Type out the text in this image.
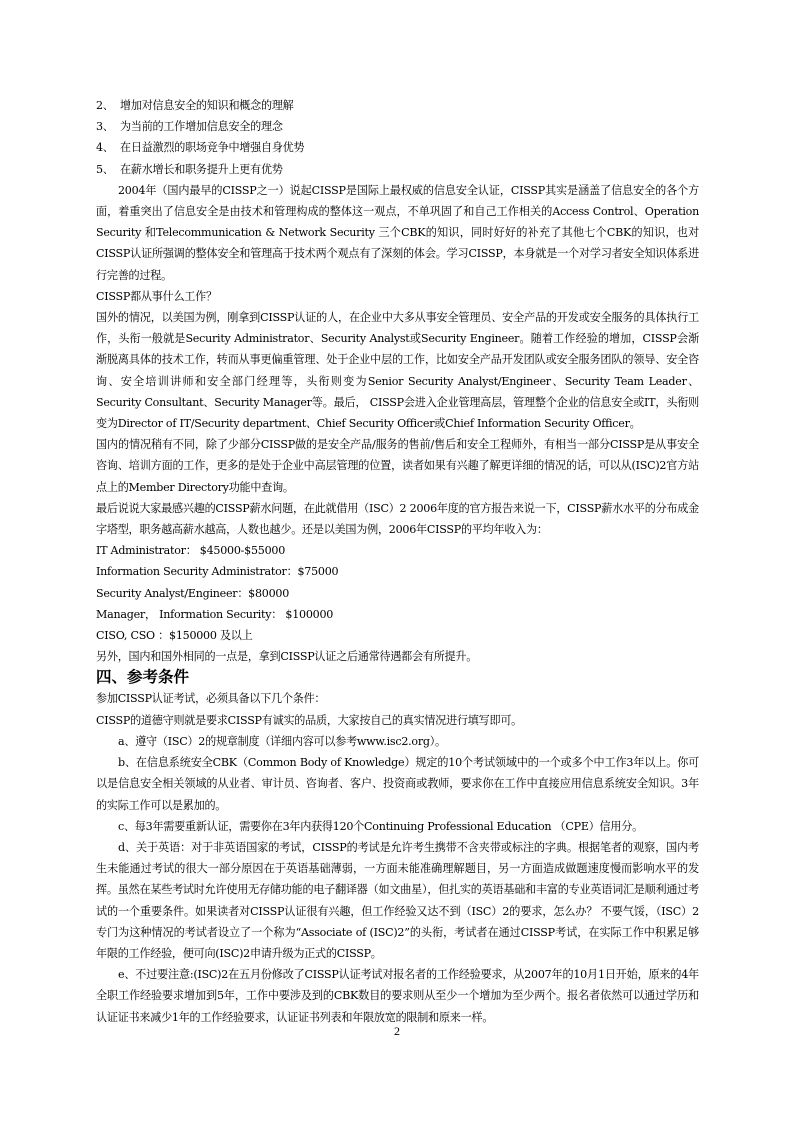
2、 增加对信息安全的知识和概念的理解

3、 为当前的工作增加信息安全的理念

4、 在日益激烈的职场竞争中增强自身优势

5、 在薪水增长和职务提升上更有优势

2004年（国内最早的CISSP之一）说起CISSP是国际上最权威的信息安全认证，CISSP其实是涵盖了信息安全的各个方面，着重突出了信息安全是由技术和管理构成的整体这一观点，不单巩固了和自己工作相关的Access Control、Operation Security 和Telecommunication & Network Security 三个CBK的知识，同时好好的补充了其他七个CBK的知识，也对CISSP认证所强调的整体安全和管理高于技术两个观点有了深刻的体会。学习CISSP，本身就是一个对学习者安全知识体系进行完善的过程。

CISSP都从事什么工作？

国外的情况，以美国为例，刚拿到CISSP认证的人，在企业中大多从事安全管理员、安全产品的开发或安全服务的具体执行工作，头衔一般就是Security Administrator、Security Analyst或Security Engineer。随着工作经验的增加，CISSP会渐渐脱离具体的技术工作，转而从事更偏重管理、处于企业中层的工作，比如安全产品开发团队或安全服务团队的领导、安全咨询、安全培训讲师和安全部门经理等，头衔则变为Senior Security Analyst/Engineer、Security Team Leader、Security Consultant、Security Manager等。最后， CISSP会进入企业管理高层，管理整个企业的信息安全或IT，头衔则变为Director of IT/Security department、Chief Security Officer或Chief Information Security Officer。

国内的情况稍有不同，除了少部分CISSP做的是安全产品/服务的售前/售后和安全工程师外，有相当一部分CISSP是从事安全咨询、培训方面的工作，更多的是处于企业中高层管理的位置，读者如果有兴趣了解更详细的情况的话，可以从(ISC)2官方站点上的Member Directory功能中查询。

最后说说大家最感兴趣的CISSP薪水问题，在此就借用（ISC）2 2006年度的官方报告来说一下，CISSP薪水水平的分布成金字塔型，职务越高薪水越高，人数也越少。还是以美国为例，2006年CISSP的平均年收入为：

IT Administrator： $45000-$55000

Information Security Administrator：$75000

Security Analyst/Engineer：$80000

Manager， Information Security： $100000

CISO, CSO ：$150000 及以上

另外，国内和国外相同的一点是，拿到CISSP认证之后通常待遇都会有所提升。

四、参考条件

参加CISSP认证考试，必须具备以下几个条件：

CISSP的道德守则就是要求CISSP有诚实的品质，大家按自己的真实情况进行填写即可。

a、遵守（ISC）2的规章制度（详细内容可以参考www.isc2.org）。

b、在信息系统安全CBK（Common Body of Knowledge）规定的10个考试领域中的一个或多个中工作3年以上。你可以是信息安全相关领域的从业者、审计员、咨询者、客户、投资商或教师，要求你在工作中直接应用信息系统安全知识。3年的实际工作可以是累加的。

c、每3年需要重新认证，需要你在3年内获得120个Continuing Professional Education （CPE）信用分。

d、关于英语：对于非英语国家的考试，CISSP的考试是允许考生携带不含夹带或标注的字典。根据笔者的观察，国内考生未能通过考试的很大一部分原因在于英语基础薄弱，一方面未能准确理解题目，另一方面造成做题速度慢而影响水平的发挥。虽然在某些考试时允许使用无存储功能的电子翻译器（如文曲星），但扎实的英语基础和丰富的专业英语词汇是顺利通过考试的一个重要条件。如果读者对CISSP认证很有兴趣，但工作经验又达不到（ISC）2的要求，怎么办？ 不要气馁，（ISC）2专门为这种情况的考试者设立了一个称为“Associate of (ISC)2”的头衔，考试者在通过CISSP考试，在实际工作中积累足够年限的工作经验，便可向(ISC)2申请升级为正式的CISSP。

e、不过要注意:(ISC)2在五月份修改了CISSP认证考试对报名者的工作经验要求，从2007年的10月1日开始，原来的4年全职工作经验要求增加到5年，工作中要涉及到的CBK数目的要求则从至少一个增加为至少两个。报名者依然可以通过学历和认证证书来减少1年的工作经验要求，认证证书列表和年限放宽的限制和原来一样。

2
